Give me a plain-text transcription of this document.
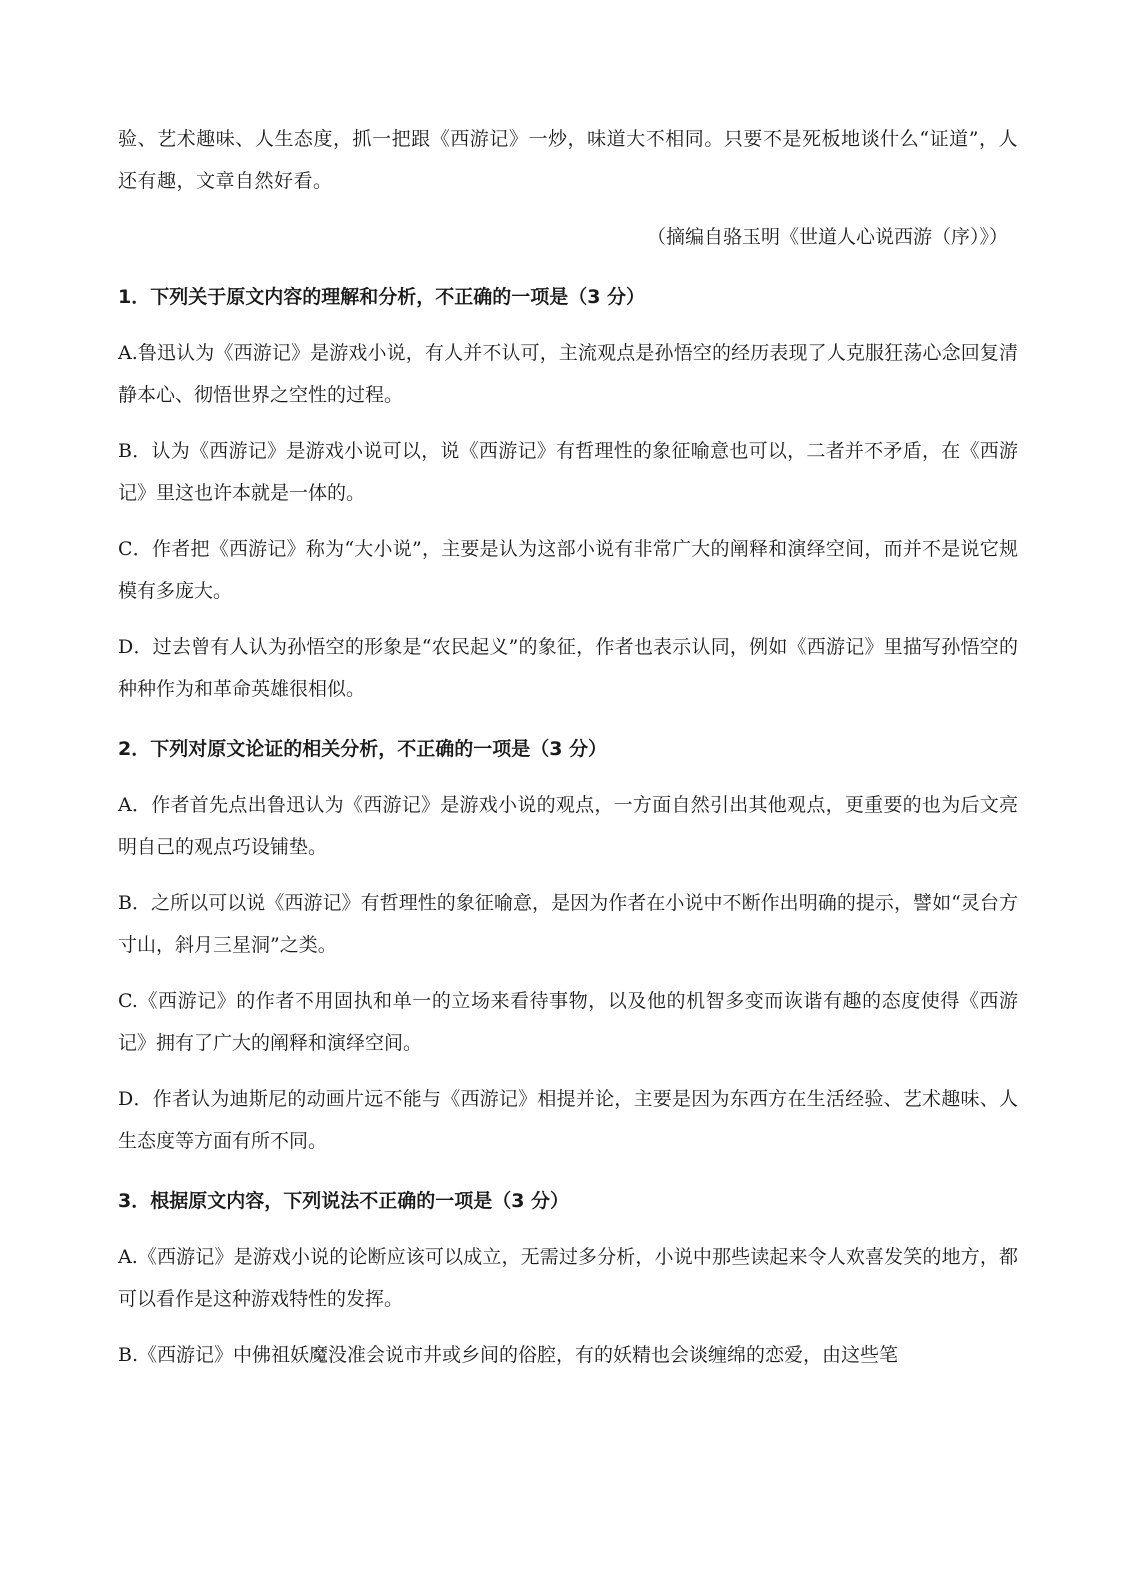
验、艺术趣味、人生态度，抓一把跟《西游记》一炒，味道大不相同。只要不是死板地谈什么“证道”，人还有趣，文章自然好看。

（摘编自骆玉明《世道人心说西游（序）》）
1．下列关于原文内容的理解和分析，不正确的一项是（3 分）
A.鲁迅认为《西游记》是游戏小说，有人并不认可，主流观点是孙悟空的经历表现了人克服狂荡心念回复清静本心、彻悟世界之空性的过程。
B．认为《西游记》是游戏小说可以，说《西游记》有哲理性的象征喻意也可以，二者并不矛盾，在《西游记》里这也许本就是一体的。
C．作者把《西游记》称为“大小说”，主要是认为这部小说有非常广大的阐释和演绎空间，而并不是说它规模有多庞大。
D．过去曾有人认为孙悟空的形象是“农民起义”的象征，作者也表示认同，例如《西游记》里描写孙悟空的种种作为和革命英雄很相似。
2．下列对原文论证的相关分析，不正确的一项是（3 分）
A．作者首先点出鲁迅认为《西游记》是游戏小说的观点，一方面自然引出其他观点，更重要的也为后文亮明自己的观点巧设铺垫。
B．之所以可以说《西游记》有哲理性的象征喻意，是因为作者在小说中不断作出明确的提示，譬如“灵台方寸山，斜月三星洞”之类。
C.《西游记》的作者不用固执和单一的立场来看待事物，以及他的机智多变而诙谐有趣的态度使得《西游记》拥有了广大的阐释和演绎空间。
D．作者认为迪斯尼的动画片远不能与《西游记》相提并论，主要是因为东西方在生活经验、艺术趣味、人生态度等方面有所不同。
3．根据原文内容，下列说法不正确的一项是（3 分）
A.《西游记》是游戏小说的论断应该可以成立，无需过多分析，小说中那些读起来令人欢喜发笑的地方，都可以看作是这种游戏特性的发挥。
B.《西游记》中佛祖妖魔没准会说市井或乡间的俗腔，有的妖精也会谈缠绵的恋爱，由这些笔
